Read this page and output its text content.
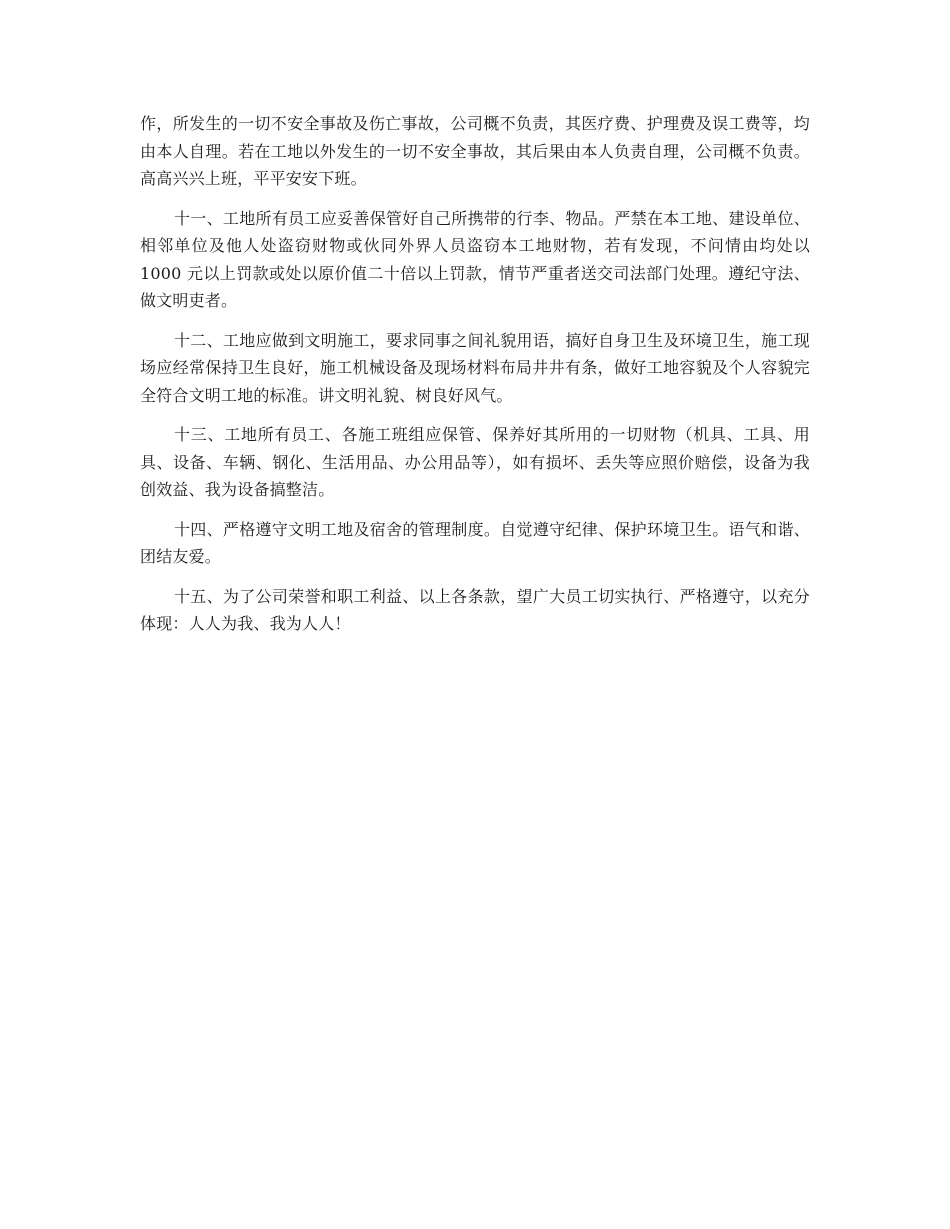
作，所发生的一切不安全事故及伤亡事故，公司概不负责，其医疗费、护理费及误工费等，均由本人自理。若在工地以外发生的一切不安全事故，其后果由本人负责自理，公司概不负责。高高兴兴上班，平平安安下班。

十一、工地所有员工应妥善保管好自己所携带的行李、物品。严禁在本工地、建设单位、相邻单位及他人处盗窃财物或伙同外界人员盗窃本工地财物，若有发现，不问情由均处以 1000 元以上罚款或处以原价值二十倍以上罚款，情节严重者送交司法部门处理。遵纪守法、做文明吏者。

十二、工地应做到文明施工，要求同事之间礼貌用语，搞好自身卫生及环境卫生，施工现场应经常保持卫生良好，施工机械设备及现场材料布局井井有条，做好工地容貌及个人容貌完全符合文明工地的标准。讲文明礼貌、树良好风气。

十三、工地所有员工、各施工班组应保管、保养好其所用的一切财物（机具、工具、用具、设备、车辆、钢化、生活用品、办公用品等），如有损坏、丢失等应照价赔偿，设备为我创效益、我为设备搞整洁。

十四、严格遵守文明工地及宿舍的管理制度。自觉遵守纪律、保护环境卫生。语气和谐、团结友爱。

十五、为了公司荣誉和职工利益、以上各条款，望广大员工切实执行、严格遵守，以充分体现：人人为我、我为人人！
